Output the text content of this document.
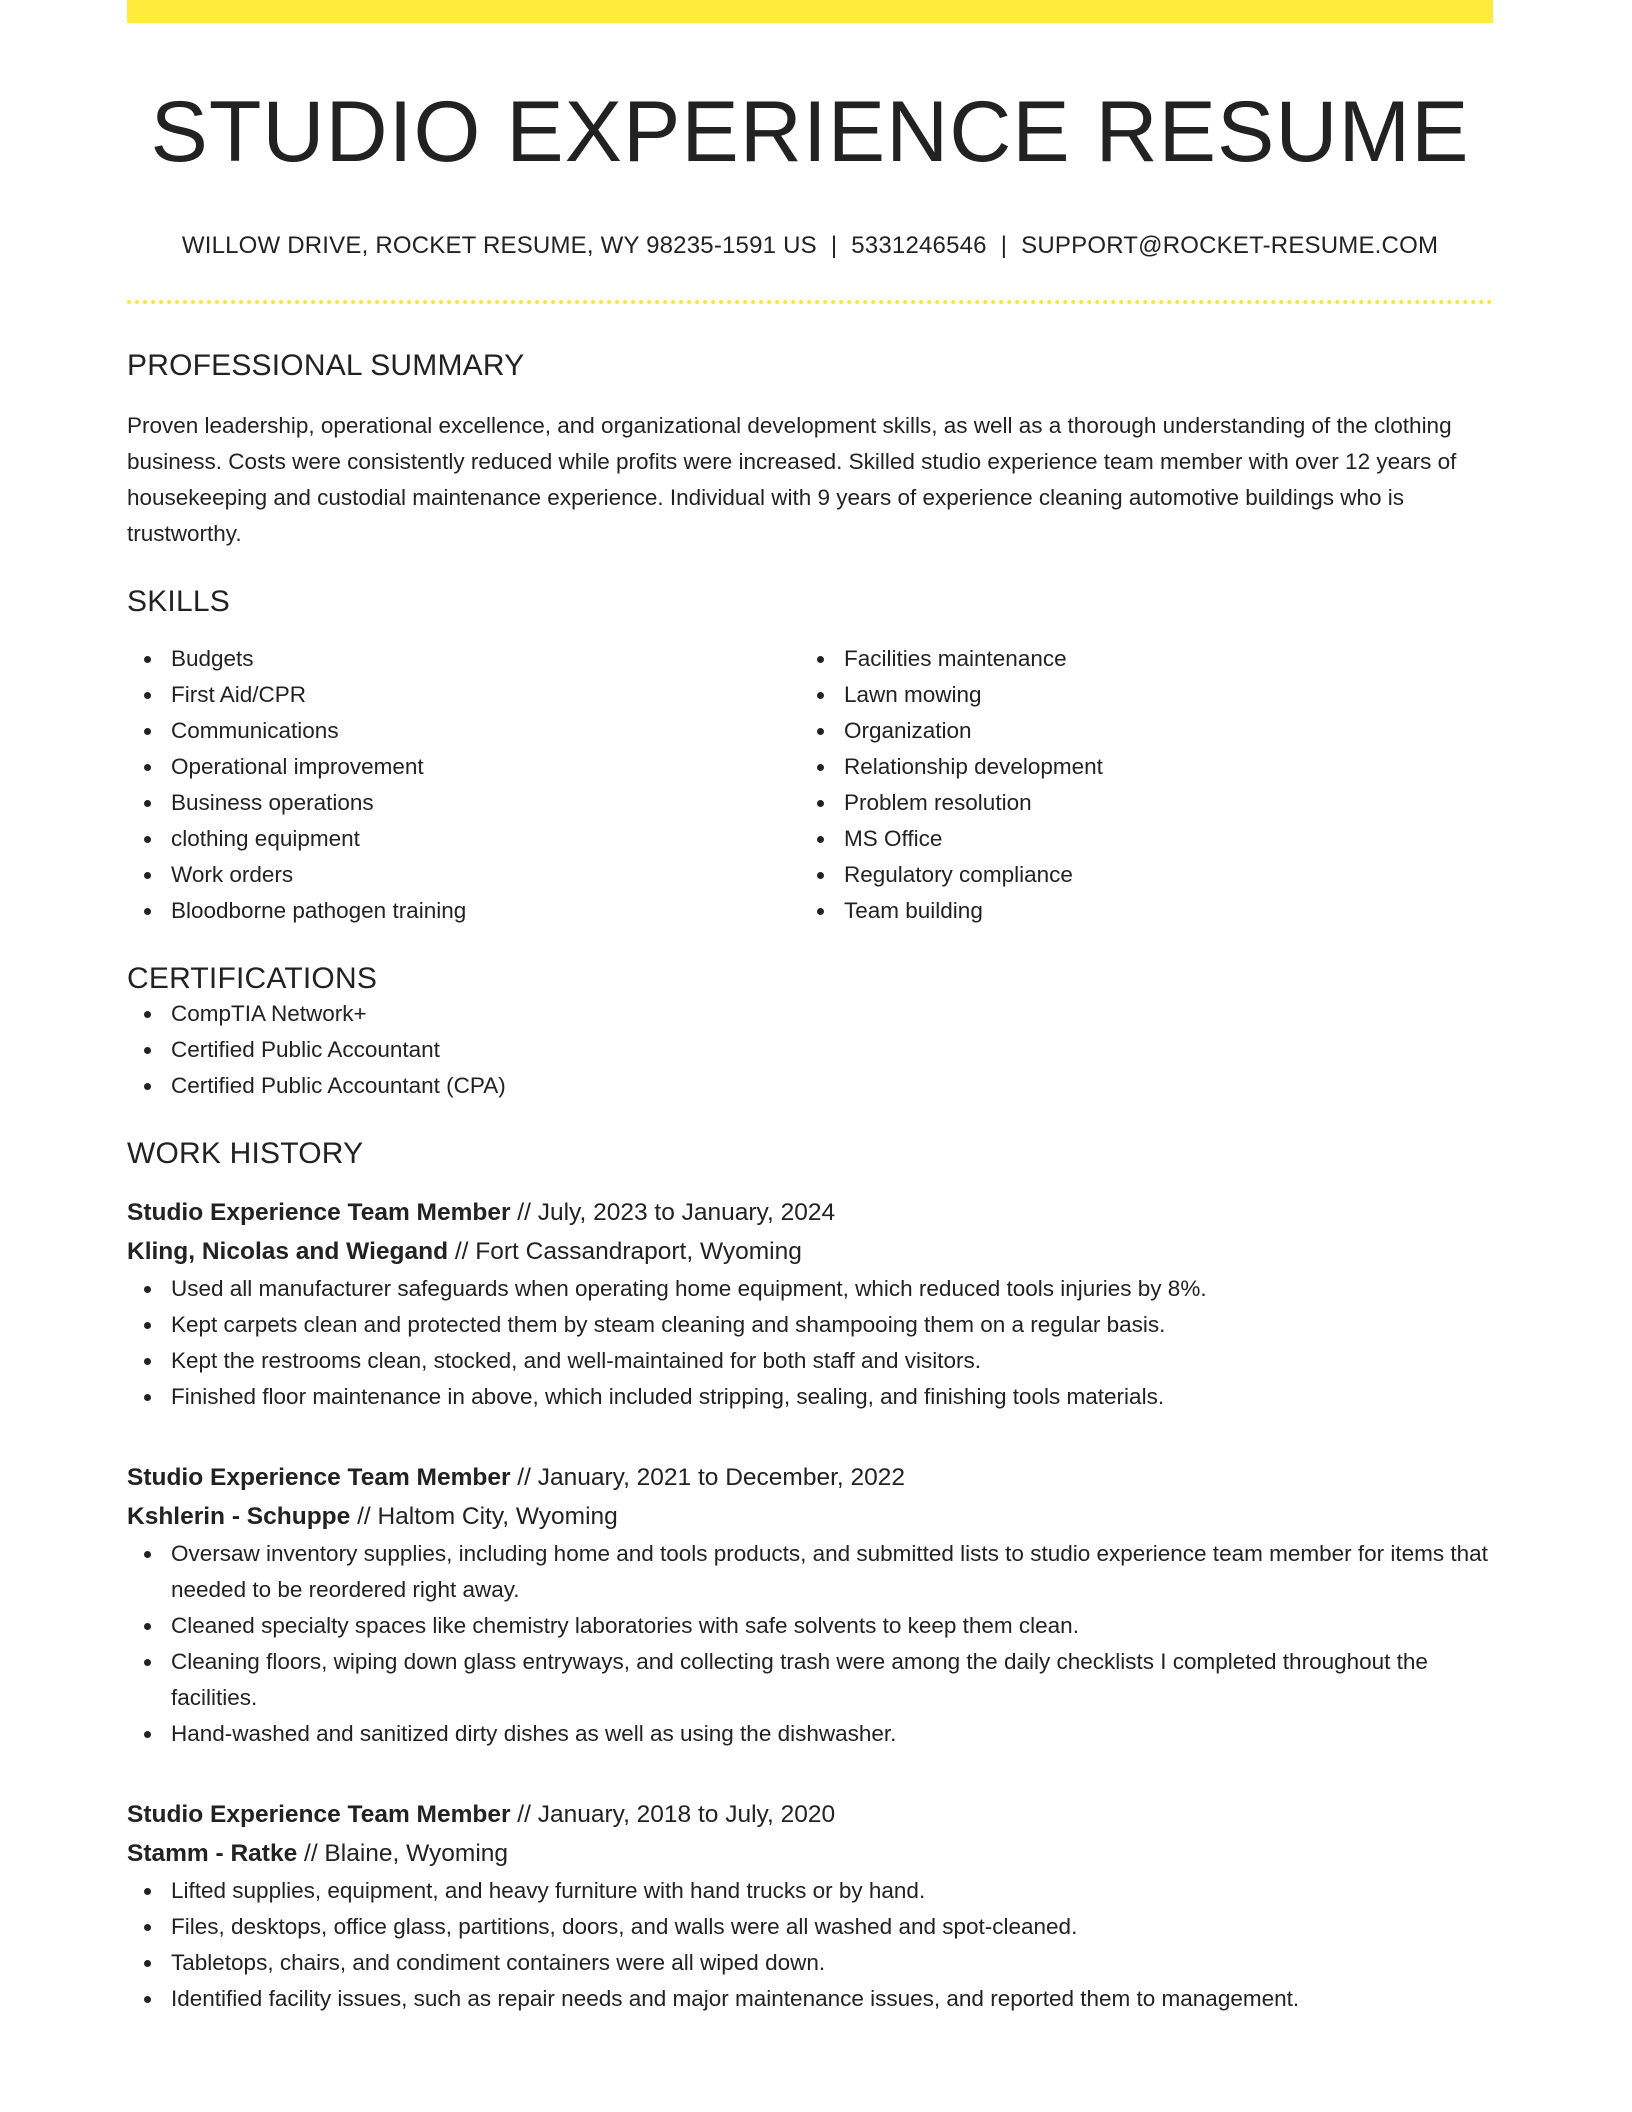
STUDIO EXPERIENCE RESUME
WILLOW DRIVE, ROCKET RESUME, WY 98235-1591 US | 5331246546 | SUPPORT@ROCKET-RESUME.COM
PROFESSIONAL SUMMARY

Proven leadership, operational excellence, and organizational development skills, as well as a thorough understanding of the clothing business. Costs were consistently reduced while profits were increased. Skilled studio experience team member with over 12 years of housekeeping and custodial maintenance experience. Individual with 9 years of experience cleaning automotive buildings who is trustworthy.

SKILLS
Budgets
First Aid/CPR
Communications
Operational improvement
Business operations
clothing equipment
Work orders
Bloodborne pathogen training
Facilities maintenance
Lawn mowing
Organization
Relationship development
Problem resolution
MS Office
Regulatory compliance
Team building
CERTIFICATIONS
CompTIA Network+
Certified Public Accountant
Certified Public Accountant (CPA)
WORK HISTORY
Studio Experience Team Member // July, 2023 to January, 2024
Kling, Nicolas and Wiegand // Fort Cassandraport, Wyoming
Used all manufacturer safeguards when operating home equipment, which reduced tools injuries by 8%.
Kept carpets clean and protected them by steam cleaning and shampooing them on a regular basis.
Kept the restrooms clean, stocked, and well-maintained for both staff and visitors.
Finished floor maintenance in above, which included stripping, sealing, and finishing tools materials.
Studio Experience Team Member // January, 2021 to December, 2022
Kshlerin - Schuppe // Haltom City, Wyoming
Oversaw inventory supplies, including home and tools products, and submitted lists to studio experience team member for items that needed to be reordered right away.
Cleaned specialty spaces like chemistry laboratories with safe solvents to keep them clean.
Cleaning floors, wiping down glass entryways, and collecting trash were among the daily checklists I completed throughout the facilities.
Hand-washed and sanitized dirty dishes as well as using the dishwasher.
Studio Experience Team Member // January, 2018 to July, 2020
Stamm - Ratke // Blaine, Wyoming
Lifted supplies, equipment, and heavy furniture with hand trucks or by hand.
Files, desktops, office glass, partitions, doors, and walls were all washed and spot-cleaned.
Tabletops, chairs, and condiment containers were all wiped down.
Identified facility issues, such as repair needs and major maintenance issues, and reported them to management.
